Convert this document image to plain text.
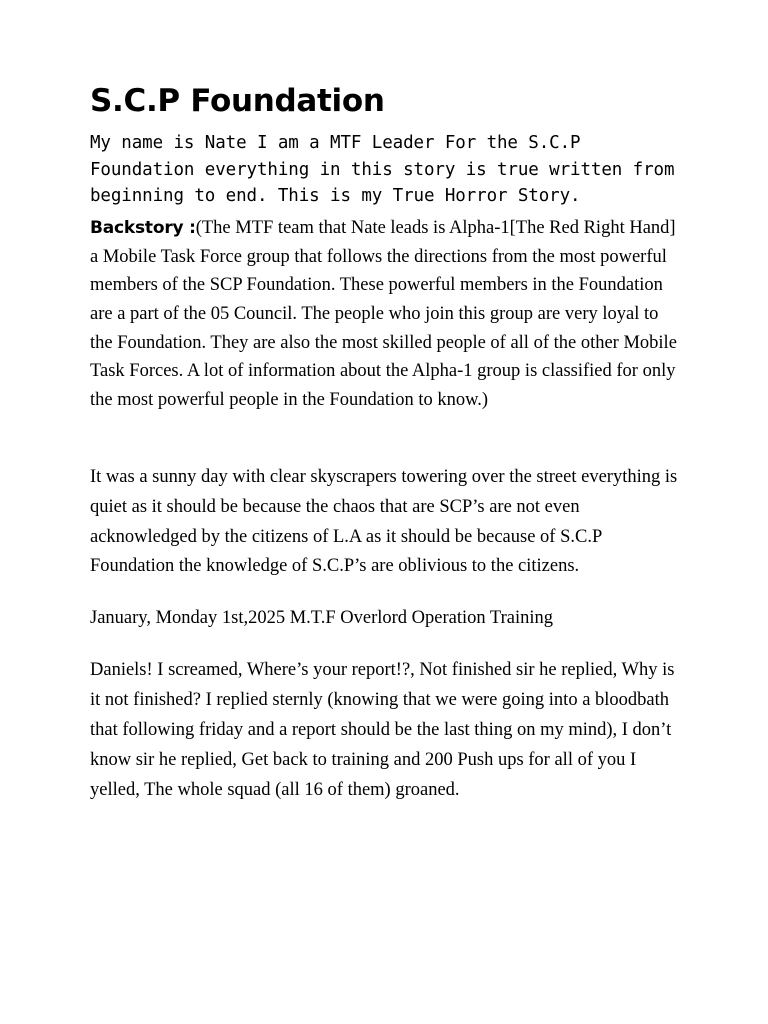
S.C.P Foundation

My name is Nate I am a MTF Leader For the S.C.P Foundation everything in this story is true written from beginning to end. This is my True Horror Story.

Backstory :(The MTF team that Nate leads is Alpha-1[The Red Right Hand] a Mobile Task Force group that follows the directions from the most powerful members of the SCP Foundation. These powerful members in the Foundation are a part of the 05 Council. The people who join this group are very loyal to the Foundation. They are also the most skilled people of all of the other Mobile Task Forces. A lot of information about the Alpha-1 group is classified for only the most powerful people in the Foundation to know.)

It was a sunny day with clear skyscrapers towering over the street everything is quiet as it should be because the chaos that are SCP’s are not even acknowledged by the citizens of L.A as it should be because of S.C.P Foundation the knowledge of S.C.P’s are oblivious to the citizens.

January, Monday 1st,2025 M.T.F Overlord Operation Training

Daniels! I screamed, Where’s your report!?, Not finished sir he replied, Why is it not finished? I replied sternly (knowing that we were going into a bloodbath that following friday and a report should be the last thing on my mind), I don’t know sir he replied, Get back to training and 200 Push ups for all of you I yelled, The whole squad (all 16 of them) groaned.
